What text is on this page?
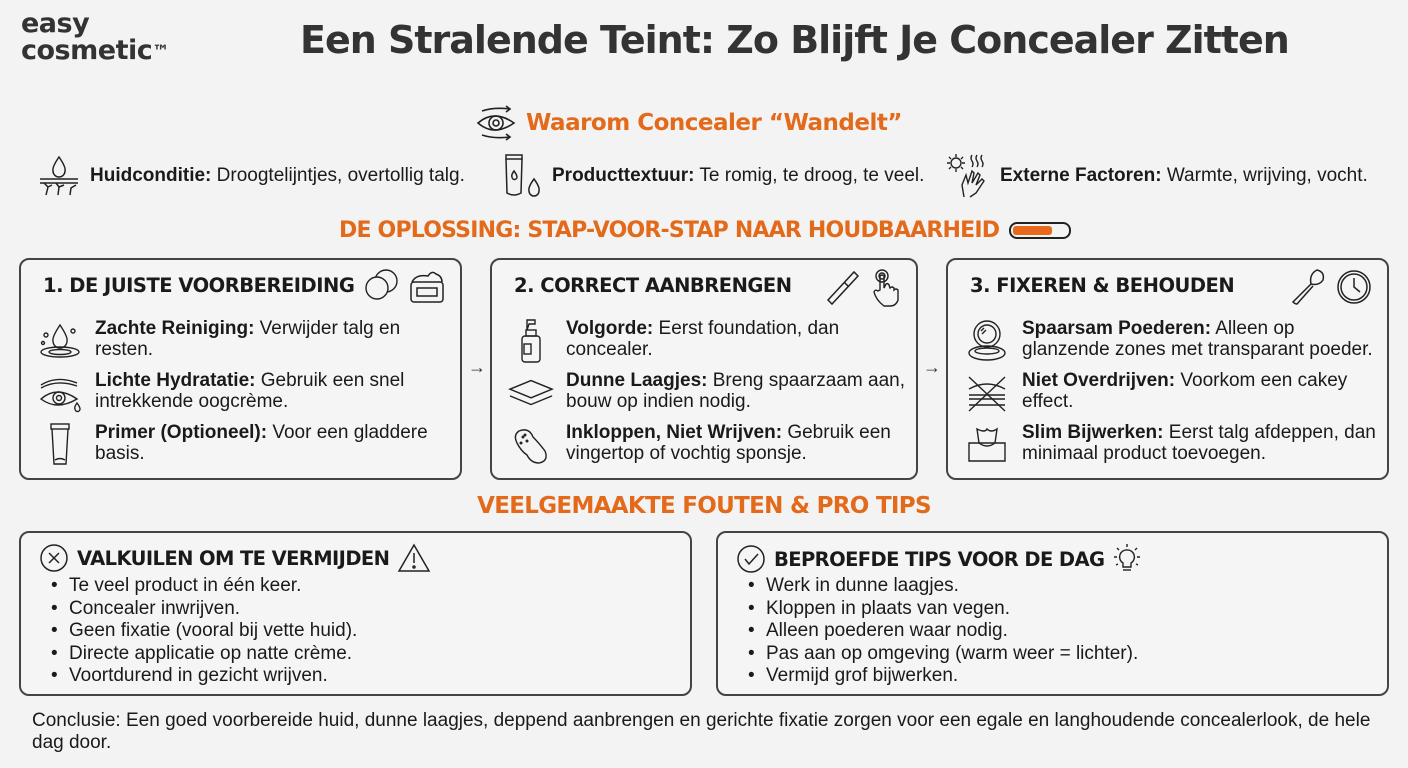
easy
cosmetic™	Een Stralende Teint: Zo Blijft Je Concealer Zitten
Waarom Concealer “Wandelt”
Huidconditie: Droogtelijntjes, overtollig talg.	Producttextuur: Te romig, te droog, te veel.	Externe Factoren: Warmte, wrijving, vocht.
DE OPLOSSING: STAP-VOOR-STAP NAAR HOUDBAARHEID
1. DE JUISTE VOORBEREIDING
Zachte Reiniging: Verwijder talg en resten.
Lichte Hydratatie: Gebruik een snel intrekkende oogcrème.
Primer (Optioneel): Voor een gladdere basis.
→
2. CORRECT AANBRENGEN
Volgorde: Eerst foundation, dan concealer.
Dunne Laagjes: Breng spaarzaam aan, bouw op indien nodig.
Inkloppen, Niet Wrijven: Gebruik een vingertop of vochtig sponsje.
→
3. FIXEREN & BEHOUDEN
Spaarsam Poederen: Alleen op glanzende zones met transparant poeder.
Niet Overdrijven: Voorkom een cakey effect.
Slim Bijwerken: Eerst talg afdeppen, dan minimaal product toevoegen.
VEELGEMAAKTE FOUTEN & PRO TIPS
VALKUILEN OM TE VERMIJDEN
• Te veel product in één keer.
• Concealer inwrijven.
• Geen fixatie (vooral bij vette huid).
• Directe applicatie op natte crème.
• Voortdurend in gezicht wrijven.
BEPROEFDE TIPS VOOR DE DAG
• Werk in dunne laagjes.
• Kloppen in plaats van vegen.
• Alleen poederen waar nodig.
• Pas aan op omgeving (warm weer = lichter).
• Vermijd grof bijwerken.

Conclusie: Een goed voorbereide huid, dunne laagjes, deppend aanbrengen en gerichte fixatie zorgen voor een egale en langhoudende concealerlook, de hele dag door.
